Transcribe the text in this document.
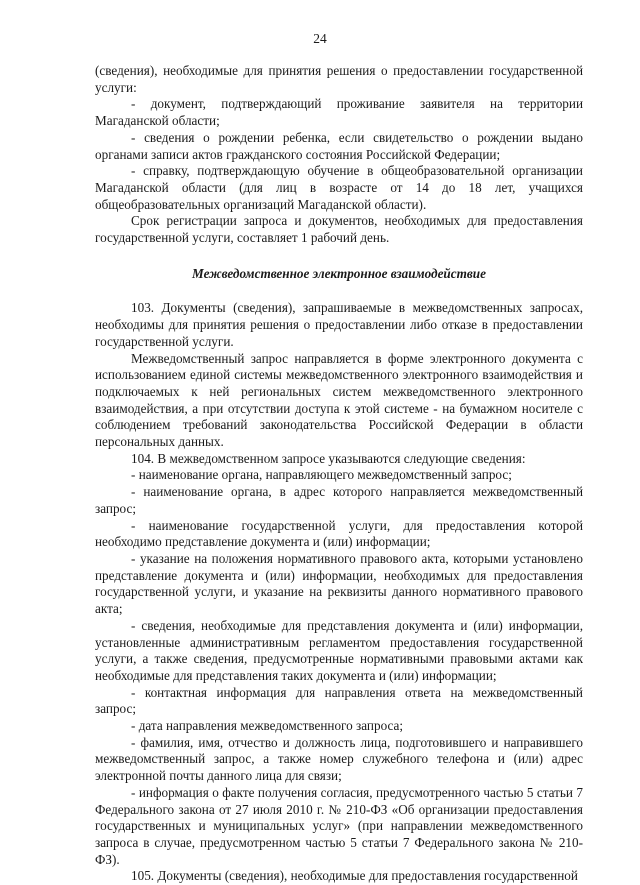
24

(сведения), необходимые для принятия решения о предоставлении государственной услуги:

- документ, подтверждающий проживание заявителя на территории Магаданской области;

- сведения о рождении ребенка, если свидетельство о рождении выдано органами записи актов гражданского состояния Российской Федерации;

- справку, подтверждающую обучение в общеобразовательной организации Магаданской области (для лиц в возрасте от 14 до 18 лет, учащихся общеобразовательных организаций Магаданской области).

Срок регистрации запроса и документов, необходимых для предоставления государственной услуги, составляет 1 рабочий день.

Межведомственное электронное взаимодействие

103. Документы (сведения), запрашиваемые в межведомственных запросах, необходимы для принятия решения о предоставлении либо отказе в предоставлении государственной услуги.

Межведомственный запрос направляется в форме электронного документа с использованием единой системы межведомственного электронного взаимодействия и подключаемых к ней региональных систем межведомственного электронного взаимодействия, а при отсутствии доступа к этой системе - на бумажном носителе с соблюдением требований законодательства Российской Федерации в области персональных данных.

104. В межведомственном запросе указываются следующие сведения:

- наименование органа, направляющего межведомственный запрос;

- наименование органа, в адрес которого направляется межведомственный запрос;

- наименование государственной услуги, для предоставления которой необходимо представление документа и (или) информации;

- указание на положения нормативного правового акта, которыми установлено представление документа и (или) информации, необходимых для предоставления государственной услуги, и указание на реквизиты данного нормативного правового акта;

- сведения, необходимые для представления документа и (или) информации, установленные административным регламентом предоставления государственной услуги, а также сведения, предусмотренные нормативными правовыми актами как необходимые для представления таких документа и (или) информации;

- контактная информация для направления ответа на межведомственный запрос;

- дата направления межведомственного запроса;

- фамилия, имя, отчество и должность лица, подготовившего и направившего межведомственный запрос, а также номер служебного телефона и (или) адрес электронной почты данного лица для связи;

- информация о факте получения согласия, предусмотренного частью 5 статьи 7 Федерального закона от 27 июля 2010 г. № 210-ФЗ «Об организации предоставления государственных и муниципальных услуг» (при направлении межведомственного запроса в случае, предусмотренном частью 5 статьи 7 Федерального закона № 210-ФЗ).

105. Документы (сведения), необходимые для предоставления государственной
